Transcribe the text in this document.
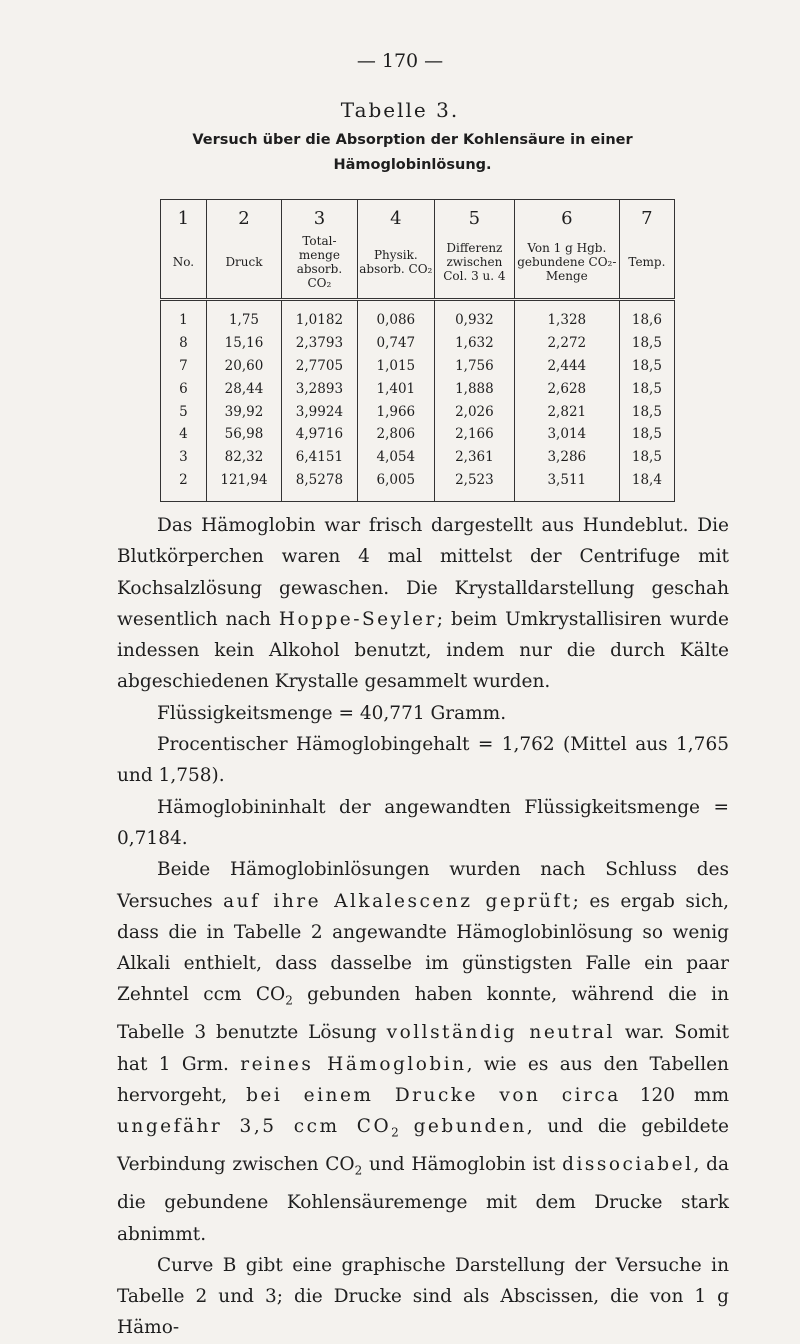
— 170 —
Tabelle 3.
Versuch über die Absorption der Kohlensäure in einer Hämoglobinlösung.
1	2	3	4	5	6	7
No.	Druck	Total-menge absorb. CO₂	Physik. absorb. CO₂	Differenz zwischen Col. 3 u. 4	Von 1 g Hgb. gebundene CO₂-Menge	Temp.
1	1,75	1,0182	0,086	0,932	1,328	18,6
8	15,16	2,3793	0,747	1,632	2,272	18,5
7	20,60	2,7705	1,015	1,756	2,444	18,5
6	28,44	3,2893	1,401	1,888	2,628	18,5
5	39,92	3,9924	1,966	2,026	2,821	18,5
4	56,98	4,9716	2,806	2,166	3,014	18,5
3	82,32	6,4151	4,054	2,361	3,286	18,5
2	121,94	8,5278	6,005	2,523	3,511	18,4

Das Hämoglobin war frisch dargestellt aus Hundeblut. Die Blutkörperchen waren 4 mal mittelst der Centrifuge mit Kochsalzlösung gewaschen. Die Krystalldarstellung geschah wesentlich nach Hoppe-Seyler; beim Umkrystallisiren wurde indessen kein Alkohol benutzt, indem nur die durch Kälte abgeschiedenen Krystalle gesammelt wurden.

Flüssigkeitsmenge = 40,771 Gramm.

Procentischer Hämoglobingehalt = 1,762 (Mittel aus 1,765 und 1,758).

Hämoglobininhalt der angewandten Flüssigkeitsmenge = 0,7184.

Beide Hämoglobinlösungen wurden nach Schluss des Versuches auf ihre Alkalescenz geprüft; es ergab sich, dass die in Tabelle 2 angewandte Hämoglobinlösung so wenig Alkali enthielt, dass dasselbe im günstigsten Falle ein paar Zehntel ccm $CO_2$ gebunden haben konnte, während die in Tabelle 3 benutzte Lösung vollständig neutral war. Somit hat 1 Grm. reines Hämoglobin, wie es aus den Tabellen hervorgeht, bei einem Drucke von circa 120 mm ungefähr 3,5 ccm $CO_2$ gebunden, und die gebildete Verbindung zwischen $CO_2$ und Hämoglobin ist dissociabel, da die gebundene Kohlensäuremenge mit dem Drucke stark abnimmt.

Curve B gibt eine graphische Darstellung der Versuche in Tabelle 2 und 3; die Drucke sind als Abscissen, die von 1 g Hämo-
